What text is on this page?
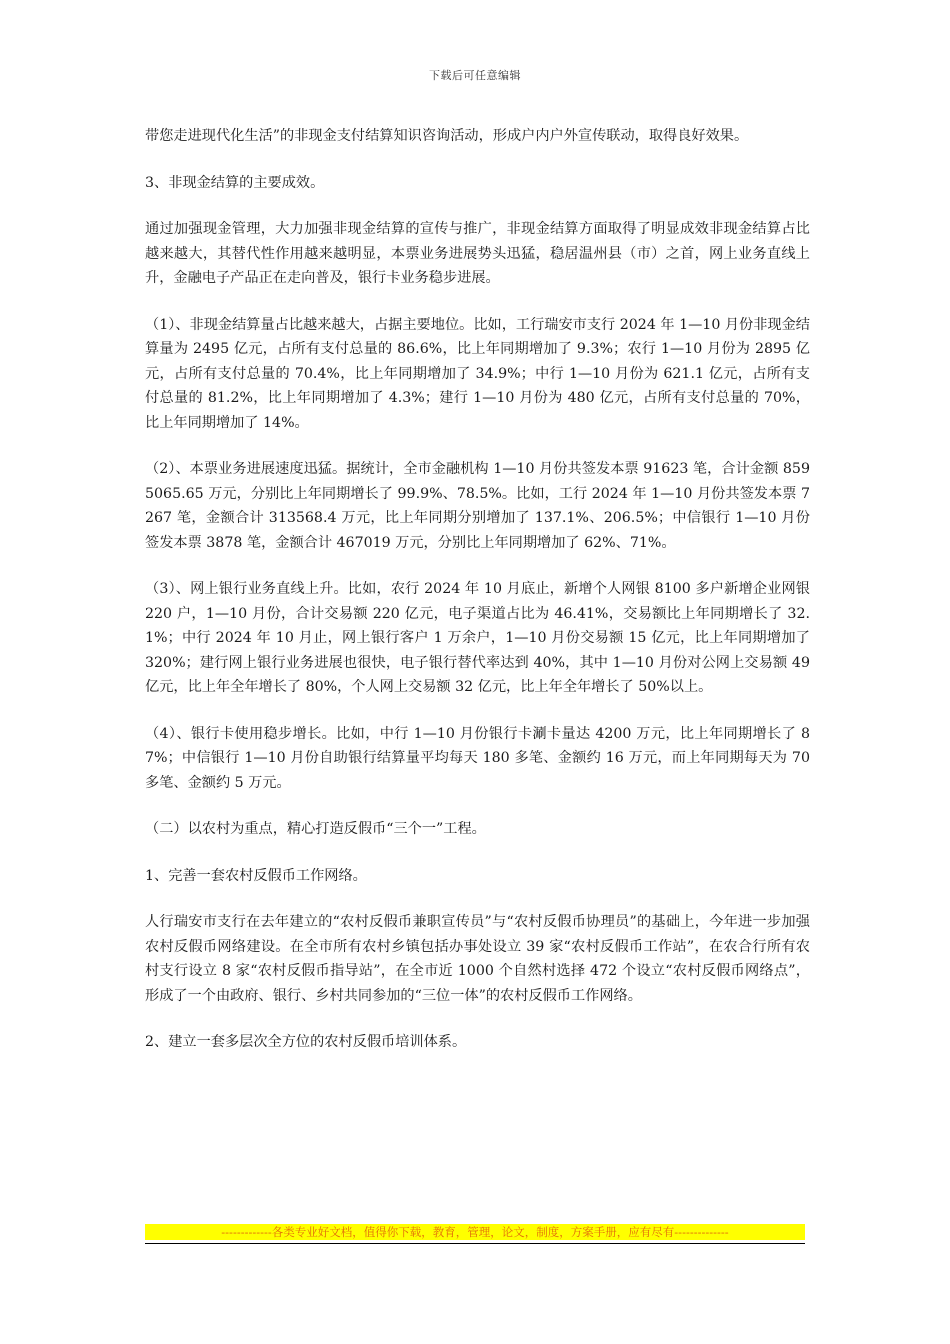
下载后可任意编辑

带您走进现代化生活”的非现金支付结算知识咨询活动，形成户内户外宣传联动，取得良好效果。

3、非现金结算的主要成效。

通过加强现金管理，大力加强非现金结算的宣传与推广，非现金结算方面取得了明显成效非现金结算占比越来越大，其替代性作用越来越明显，本票业务进展势头迅猛，稳居温州县（市）之首，网上业务直线上升，金融电子产品正在走向普及，银行卡业务稳步进展。

（1）、非现金结算量占比越来越大，占据主要地位。比如，工行瑞安市支行 2024 年 1—10 月份非现金结算量为 2495 亿元，占所有支付总量的 86.6%，比上年同期增加了 9.3%；农行 1—10 月份为 2895 亿元，占所有支付总量的 70.4%，比上年同期增加了 34.9%；中行 1—10 月份为 621.1 亿元，占所有支付总量的 81.2%，比上年同期增加了 4.3%；建行 1—10 月份为 480 亿元，占所有支付总量的 70%，比上年同期增加了 14%。

（2）、本票业务进展速度迅猛。据统计，全市金融机构 1—10 月份共签发本票 91623 笔，合计金额 8595065.65 万元，分别比上年同期增长了 99.9%、78.5%。比如，工行 2024 年 1—10 月份共签发本票 7267 笔，金额合计 313568.4 万元，比上年同期分别增加了 137.1%、206.5%；中信银行 1—10 月份签发本票 3878 笔，金额合计 467019 万元，分别比上年同期增加了 62%、71%。

（3）、网上银行业务直线上升。比如，农行 2024 年 10 月底止，新增个人网银 8100 多户新增企业网银 220 户，1—10 月份，合计交易额 220 亿元，电子渠道占比为 46.41%，交易额比上年同期增长了 32.1%；中行 2024 年 10 月止，网上银行客户 1 万余户，1—10 月份交易额 15 亿元，比上年同期增加了 320%；建行网上银行业务进展也很快，电子银行替代率达到 40%，其中 1—10 月份对公网上交易额 49 亿元，比上年全年增长了 80%，个人网上交易额 32 亿元，比上年全年增长了 50%以上。

（4）、银行卡使用稳步增长。比如，中行 1—10 月份银行卡涮卡量达 4200 万元，比上年同期增长了 87%；中信银行 1—10 月份自助银行结算量平均每天 180 多笔、金额约 16 万元，而上年同期每天为 70 多笔、金额约 5 万元。

（二）以农村为重点，精心打造反假币“三个一”工程。

1、完善一套农村反假币工作网络。

人行瑞安市支行在去年建立的“农村反假币兼职宣传员”与“农村反假币协理员”的基础上，今年进一步加强农村反假币网络建设。在全市所有农村乡镇包括办事处设立 39 家“农村反假币工作站”，在农合行所有农村支行设立 8 家“农村反假币指导站”，在全市近 1000 个自然村选择 472 个设立“农村反假币网络点”，形成了一个由政府、银行、乡村共同参加的“三位一体”的农村反假币工作网络。

2、建立一套多层次全方位的农村反假币培训体系。

-------------各类专业好文档，值得你下载，教育，管理，论文，制度，方案手册，应有尽有--------------
